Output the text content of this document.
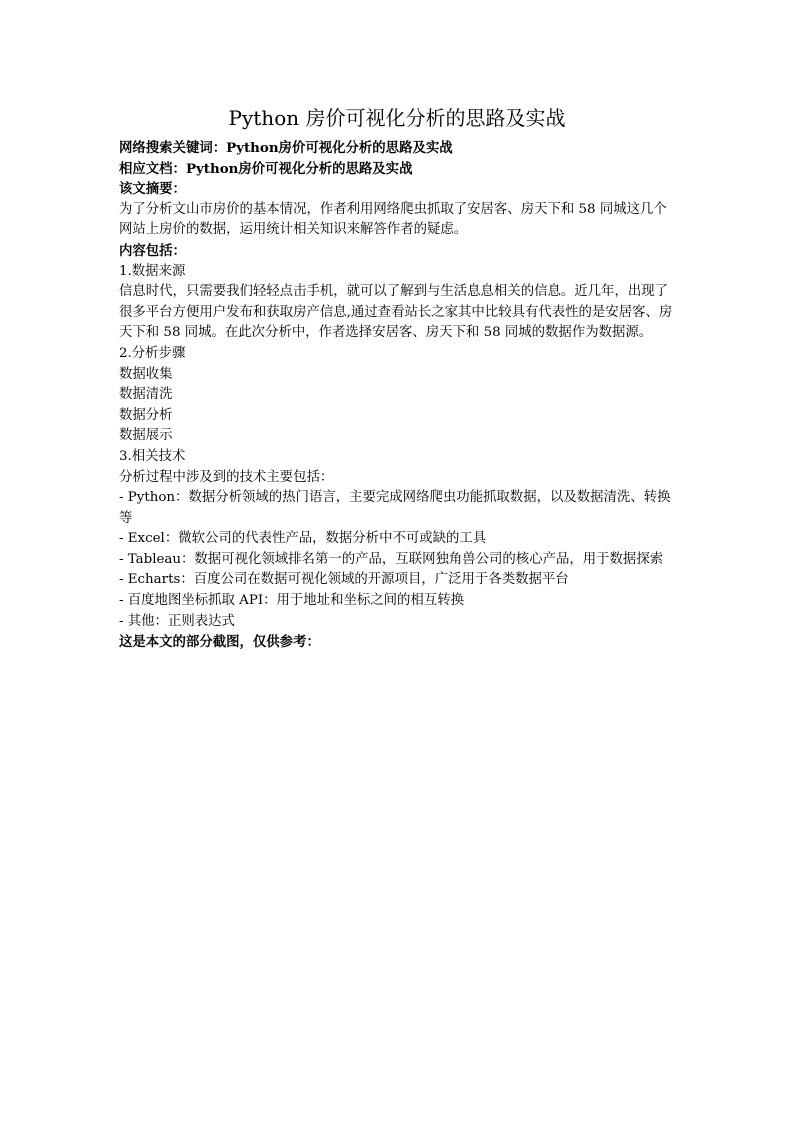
Python 房价可视化分析的思路及实战

网络搜索关键词：Python房价可视化分析的思路及实战

相应文档：Python房价可视化分析的思路及实战

该文摘要：

为了分析文山市房价的基本情况，作者利用网络爬虫抓取了安居客、房天下和 58 同城这几个网站上房价的数据，运用统计相关知识来解答作者的疑虑。

内容包括：

1.数据来源

信息时代，只需要我们轻轻点击手机，就可以了解到与生活息息相关的信息。近几年，出现了很多平台方便用户发布和获取房产信息,通过查看站长之家其中比较具有代表性的是安居客、房天下和 58 同城。在此次分析中，作者选择安居客、房天下和 58 同城的数据作为数据源。

2.分析步骤

数据收集

数据清洗

数据分析

数据展示

3.相关技术

分析过程中涉及到的技术主要包括：

- Python：数据分析领域的热门语言，主要完成网络爬虫功能抓取数据，以及数据清洗、转换等

- Excel：微软公司的代表性产品，数据分析中不可或缺的工具

- Tableau：数据可视化领域排名第一的产品，互联网独角兽公司的核心产品，用于数据探索

- Echarts：百度公司在数据可视化领域的开源项目，广泛用于各类数据平台

- 百度地图坐标抓取 API：用于地址和坐标之间的相互转换

- 其他：正则表达式

这是本文的部分截图，仅供参考：
